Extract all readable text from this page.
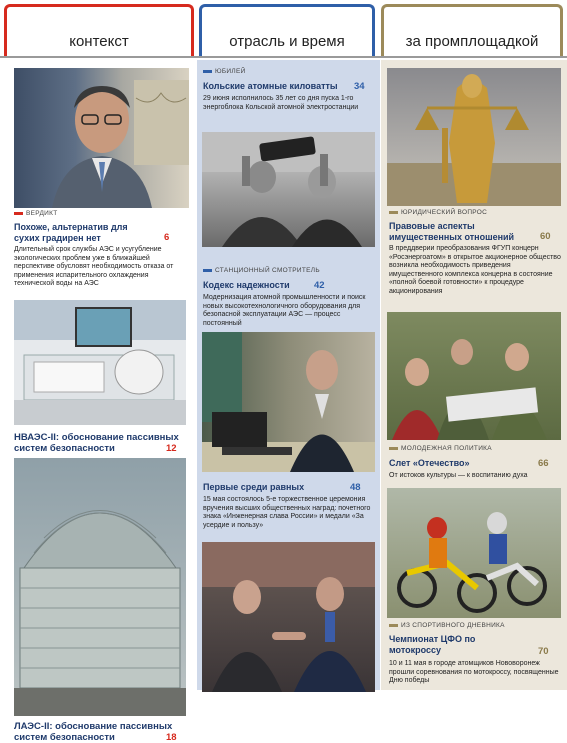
контекст	отрасль и время	за промплощадкой
ВЕРДИКТ
Похоже, альтернатив для сухих градирен нет	6
Длительный срок службы АЭС и усугубление экологических проблем уже в ближайшей перспективе обусловят необходимость отказа от применения испарительного охлаждения технической воды на АЭС
НВАЭС-II: обоснование пассивных систем безопасности	12
ЛАЭС-II: обоснование пассивных систем безопасности	18
ЮБИЛЕЙ
Кольские атомные киловатты	34
29 июня исполнилось 35 лет со дня пуска 1-го энергоблока Кольской атомной электростанции
СТАНЦИОННЫЙ СМОТРИТЕЛЬ
Кодекс надежности	42
Модернизация атомной промышленности и поиск новых высокотехнологичного оборудования для безопасной эксплуатации АЭС — процесс постоянный
Первые среди равных	48
15 мая состоялось 5-е торжественное церемония вручения высших общественных наград: почетного знака «Инженерная слава России» и медали «За усердие и пользу»
ЮРИДИЧЕСКИЙ ВОПРОС
Правовые аспекты имущественных отношений	60
В преддверии преобразования ФГУП концерн «Росэнергоатом» в открытое акционерное общество возникла необходимость приведения имущественного комплекса концерна в состояние «полной боевой готовности» к процедуре акционирования
МОЛОДЕЖНАЯ ПОЛИТИКА
Слет «Отечество»	66
От истоков культуры — к воспитанию духа
ИЗ СПОРТИВНОГО ДНЕВНИКА
Чемпионат ЦФО по мотокроссу	70
10 и 11 мая в городе атомщиков Нововоронеж прошли соревнования по мотокроссу, посвященные Дню победы
